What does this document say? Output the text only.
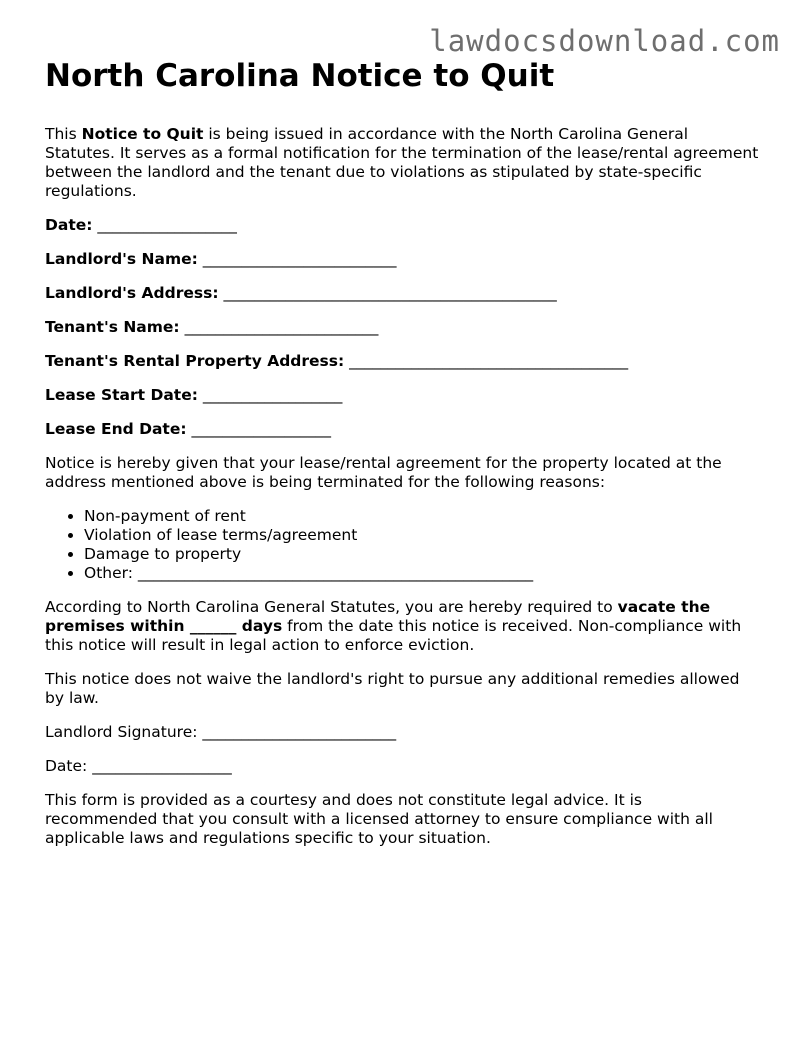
lawdocsdownload.com
North Carolina Notice to Quit

This Notice to Quit is being issued in accordance with the North Carolina General Statutes. It serves as a formal notification for the termination of the lease/rental agreement between the landlord and the tenant due to violations as stipulated by state-specific regulations.

Date: __________________
Landlord's Name: _________________________
Landlord's Address: ___________________________________________
Tenant's Name: _________________________
Tenant's Rental Property Address: ____________________________________
Lease Start Date: __________________
Lease End Date: __________________

Notice is hereby given that your lease/rental agreement for the property located at the address mentioned above is being terminated for the following reasons:

• Non-payment of rent
• Violation of lease terms/agreement
• Damage to property
• Other: ___________________________________________________

According to North Carolina General Statutes, you are hereby required to vacate the premises within ______ days from the date this notice is received. Non-compliance with this notice will result in legal action to enforce eviction.

This notice does not waive the landlord's right to pursue any additional remedies allowed by law.

Landlord Signature: _________________________

Date: __________________

This form is provided as a courtesy and does not constitute legal advice. It is recommended that you consult with a licensed attorney to ensure compliance with all applicable laws and regulations specific to your situation.
